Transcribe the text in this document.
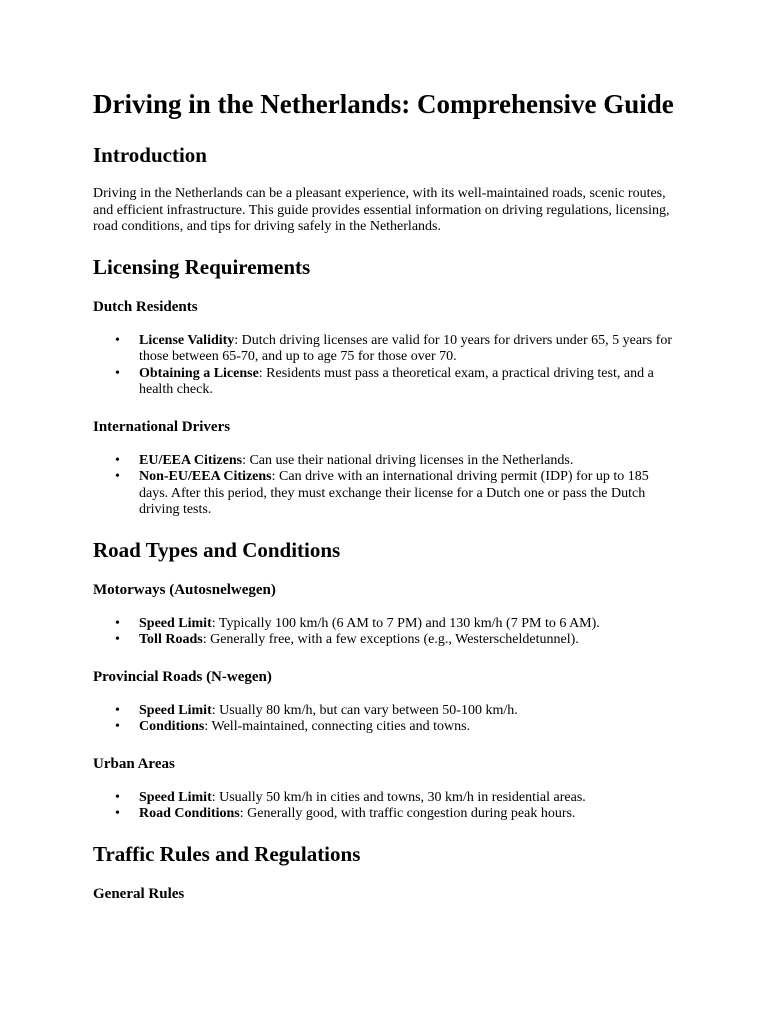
Driving in the Netherlands: Comprehensive Guide
Introduction

Driving in the Netherlands can be a pleasant experience, with its well-maintained roads, scenic routes, and efficient infrastructure. This guide provides essential information on driving regulations, licensing, road conditions, and tips for driving safely in the Netherlands.

Licensing Requirements
Dutch Residents
• License Validity: Dutch driving licenses are valid for 10 years for drivers under 65, 5 years for those between 65-70, and up to age 75 for those over 70.
• Obtaining a License: Residents must pass a theoretical exam, a practical driving test, and a health check.
International Drivers
• EU/EEA Citizens: Can use their national driving licenses in the Netherlands.
• Non-EU/EEA Citizens: Can drive with an international driving permit (IDP) for up to 185 days. After this period, they must exchange their license for a Dutch one or pass the Dutch driving tests.
Road Types and Conditions
Motorways (Autosnelwegen)
• Speed Limit: Typically 100 km/h (6 AM to 7 PM) and 130 km/h (7 PM to 6 AM).
• Toll Roads: Generally free, with a few exceptions (e.g., Westerscheldetunnel).
Provincial Roads (N-wegen)
• Speed Limit: Usually 80 km/h, but can vary between 50-100 km/h.
• Conditions: Well-maintained, connecting cities and towns.
Urban Areas
• Speed Limit: Usually 50 km/h in cities and towns, 30 km/h in residential areas.
• Road Conditions: Generally good, with traffic congestion during peak hours.
Traffic Rules and Regulations
General Rules
